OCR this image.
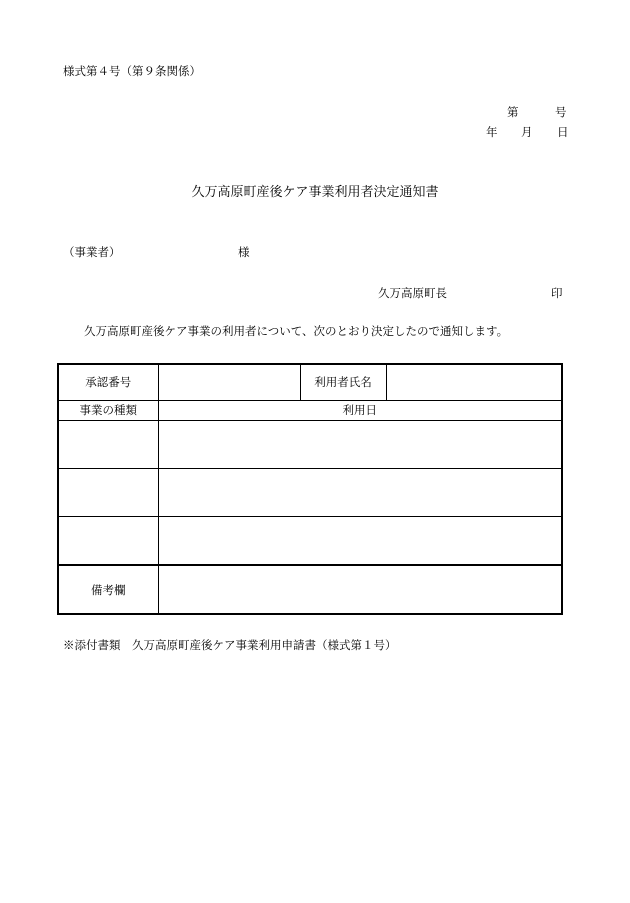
様式第４号（第９条関係）
第	号
年 月 日
久万高原町産後ケア事業利用者決定通知書
（事業者）	様
久万高原町長	印
久万高原町産後ケア事業の利用者について、次のとおり決定したので通知します。
承認番号		利用者氏名	
事業の種類	利用日		

備考欄			
※添付書類　久万高原町産後ケア事業利用申請書（様式第１号）
